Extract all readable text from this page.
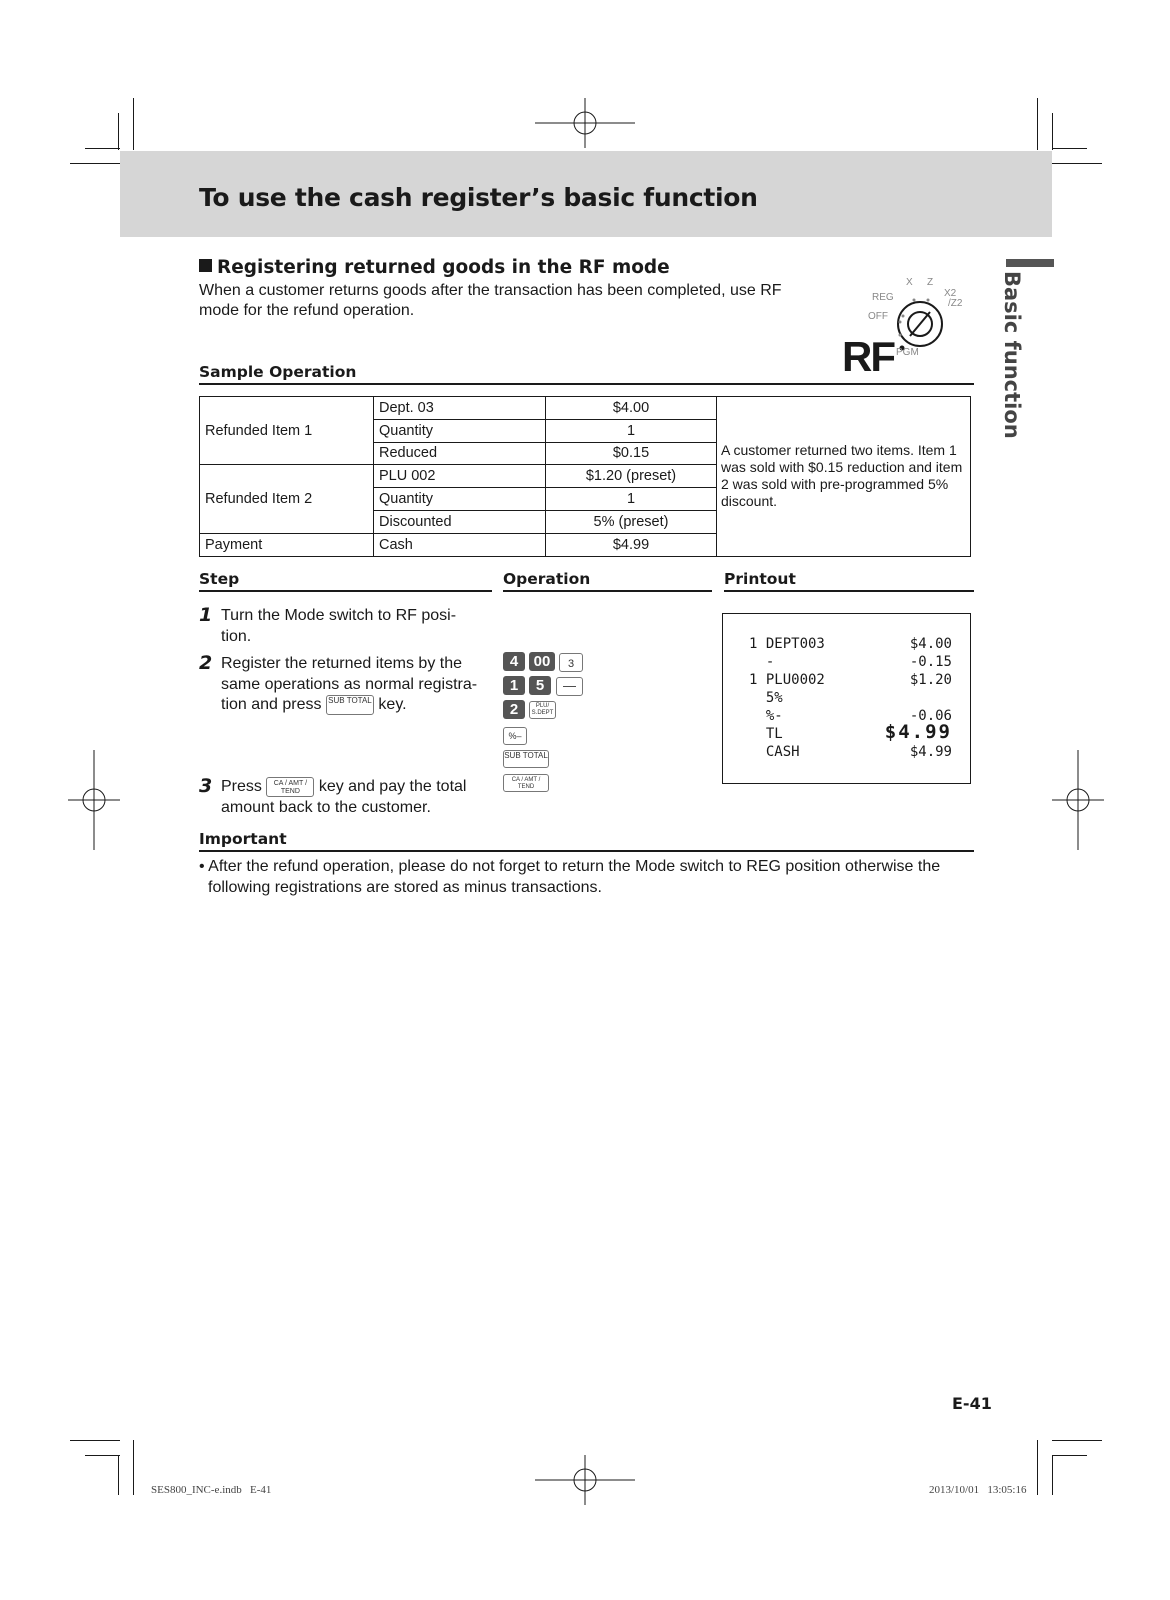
To use the cash register’s basic function
Basic function
Registering returned goods in the RF mode
When a customer returns goods after the transaction has been completed, use RF mode for the refund operation.
X Z
REG	X2
/Z2
OFF
PGM
RF
Sample Operation
Refunded Item 1	Dept. 03	$4.00	A customer returned two items. Item 1 was sold with $0.15 reduction and item 2 was sold with pre-programmed 5% discount.
	Quantity	1	
	Reduced	$0.15	
Refunded Item 2	PLU 002	$1.20 (preset)	
	Quantity	1	
	Discounted	5% (preset)	
Payment	Cash	$4.99	
Step	Operation	Printout
1 Turn the Mode switch to RF posi- tion.
2 Register the returned items by the same operations as normal registra- tion and press SUB TOTAL key.
3 Press CA / AMT / TEND key and pay the total amount back to the customer.
4	00	3
1	5	—
2	PLU/ S.DEPT
%–
SUB TOTAL
CA / AMT / TEND
1 DEPT003	$4.00
-	-0.15
1 PLU0002	$1.20
5%
%-	-0.06
TL	$4.99
CASH	$4.99
Important
• After the refund operation, please do not forget to return the Mode switch to REG position otherwise the following registrations are stored as minus transactions.
E-41
SES800_INC-e.indb   E-41	2013/10/01   13:05:16
